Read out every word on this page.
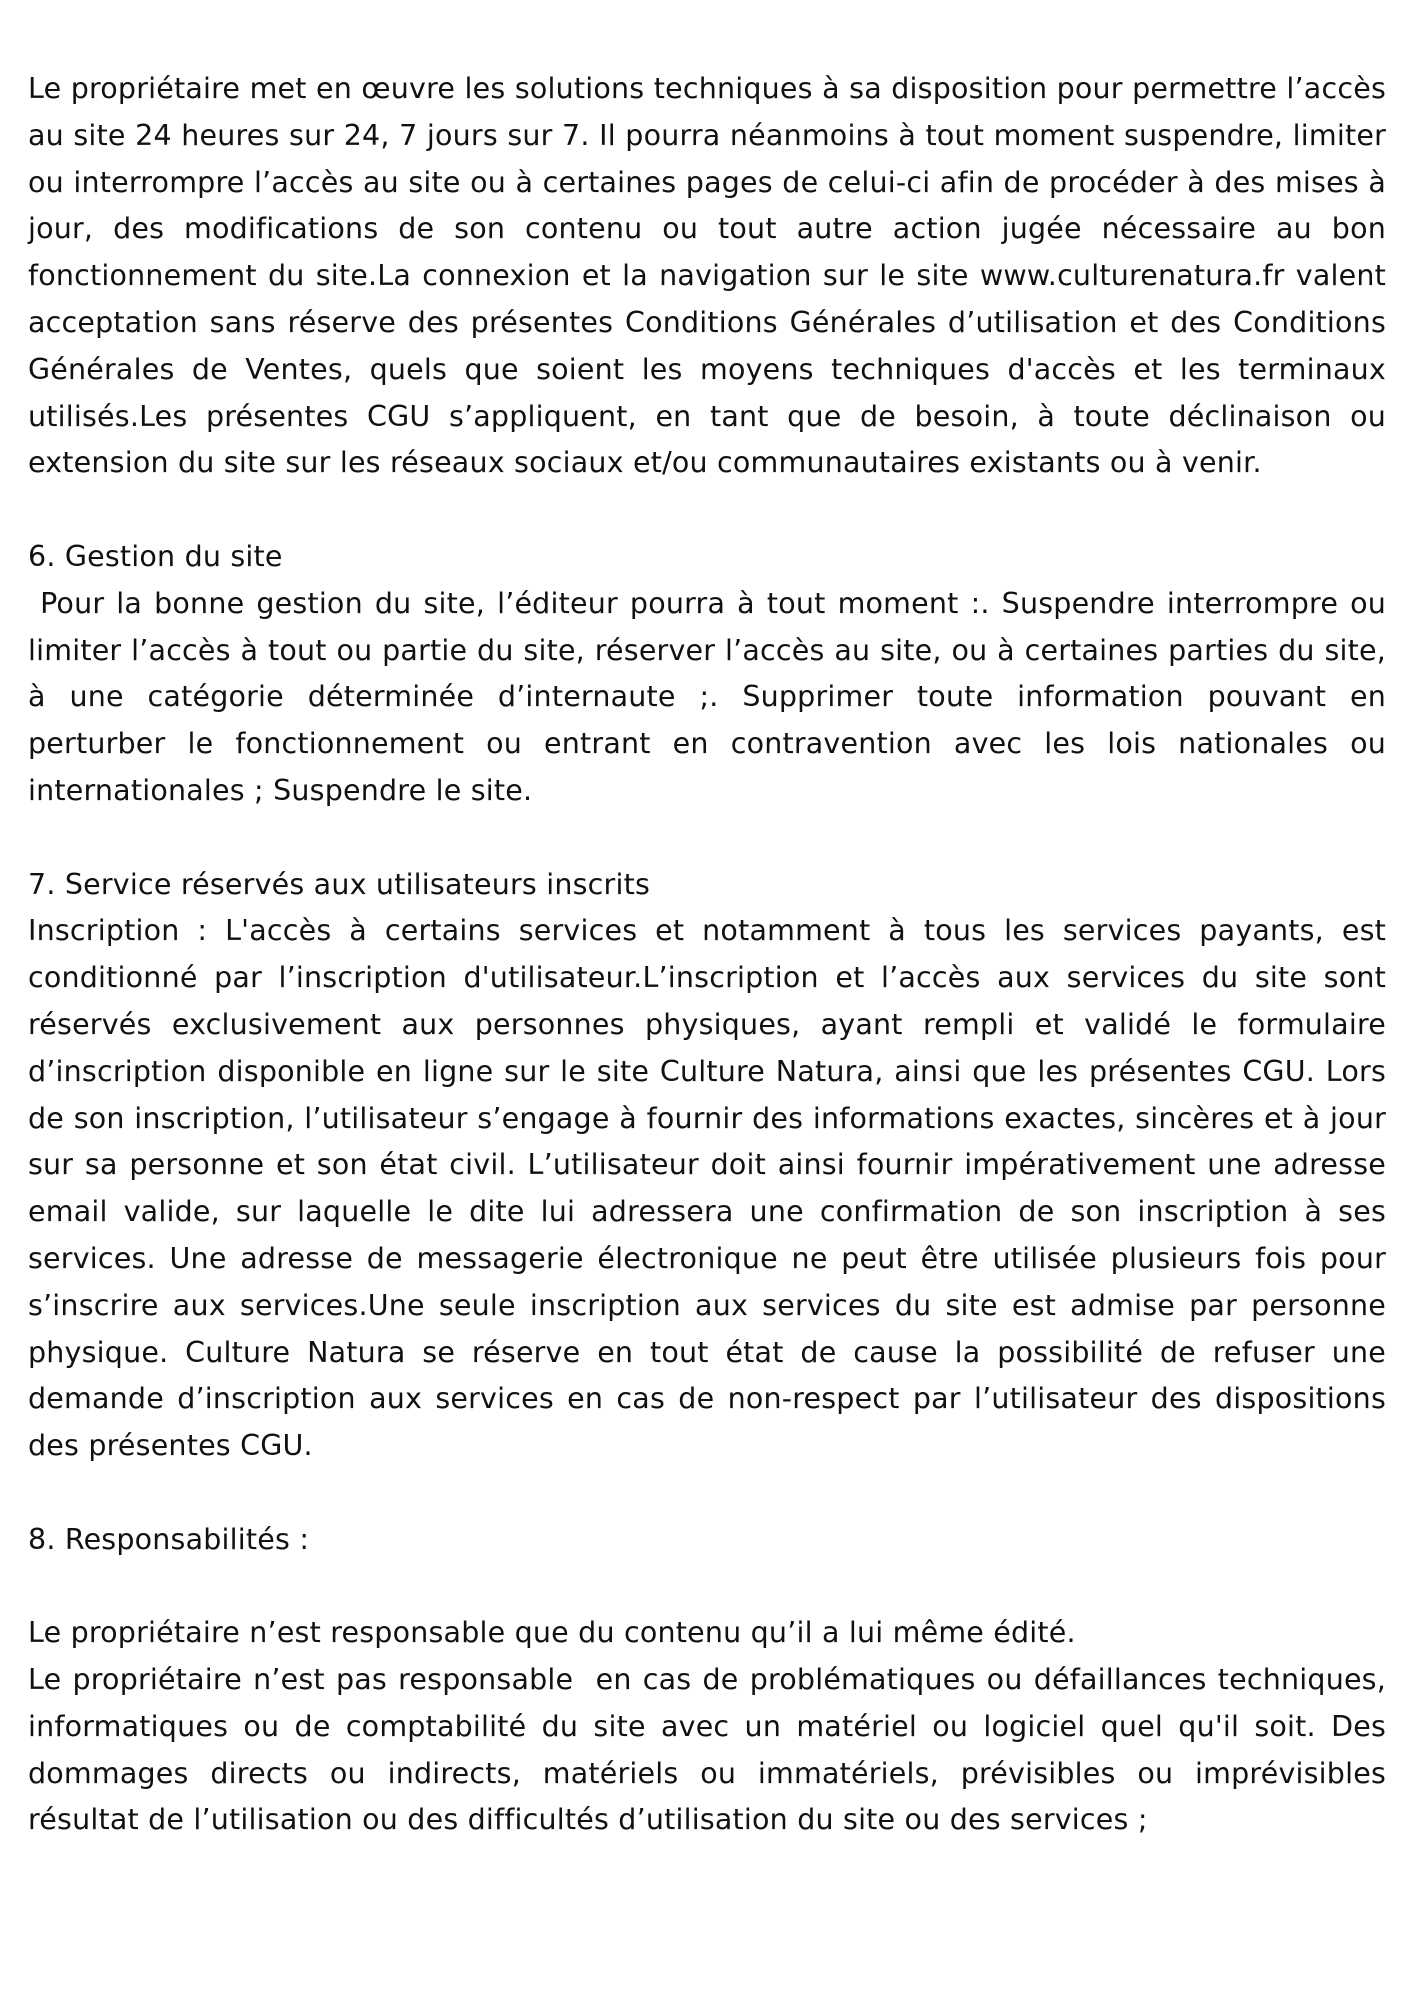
Le propriétaire met en œuvre les solutions techniques à sa disposition pour permettre l’accès au site 24 heures sur 24, 7 jours sur 7. Il pourra néanmoins à tout moment suspendre, limiter ou interrompre l’accès au site ou à certaines pages de celui-ci afin de procéder à des mises à jour, des modifications de son contenu ou tout autre action jugée nécessaire au bon fonctionnement du site.La connexion et la navigation sur le site www.culturenatura.fr valent acceptation sans réserve des présentes Conditions Générales d’utilisation et des Conditions Générales de Ventes, quels que soient les moyens techniques d'accès et les terminaux utilisés.Les présentes CGU s’appliquent, en tant que de besoin, à toute déclinaison ou extension du site sur les réseaux sociaux et/ou communautaires existants ou à venir.

6. Gestion du site

Pour la bonne gestion du site, l’éditeur pourra à tout moment :. Suspendre interrompre ou limiter l’accès à tout ou partie du site, réserver l’accès au site, ou à certaines parties du site, à une catégorie déterminée d’internaute ;. Supprimer toute information pouvant en perturber le fonctionnement ou entrant en contravention avec les lois nationales ou internationales ; Suspendre le site.

7. Service réservés aux utilisateurs inscrits

Inscription : L'accès à certains services et notamment à tous les services payants, est conditionné par l’inscription d'utilisateur.L’inscription et l’accès aux services du site sont réservés exclusivement aux personnes physiques, ayant rempli et validé le formulaire d’inscription disponible en ligne sur le site Culture Natura, ainsi que les présentes CGU. Lors de son inscription, l’utilisateur s’engage à fournir des informations exactes, sincères et à jour sur sa personne et son état civil. L’utilisateur doit ainsi fournir impérativement une adresse email valide, sur laquelle le dite lui adressera une confirmation de son inscription à ses services. Une adresse de messagerie électronique ne peut être utilisée plusieurs fois pour s’inscrire aux services.Une seule inscription aux services du site est admise par personne physique. Culture Natura se réserve en tout état de cause la possibilité de refuser une demande d’inscription aux services en cas de non-respect par l’utilisateur des dispositions des présentes CGU.

8. Responsabilités :

Le propriétaire n’est responsable que du contenu qu’il a lui même édité.

Le propriétaire n’est pas responsable  en cas de problématiques ou défaillances techniques, informatiques ou de comptabilité du site avec un matériel ou logiciel quel qu'il soit. Des dommages directs ou indirects, matériels ou immatériels, prévisibles ou imprévisibles résultat de l’utilisation ou des difficultés d’utilisation du site ou des services ;
